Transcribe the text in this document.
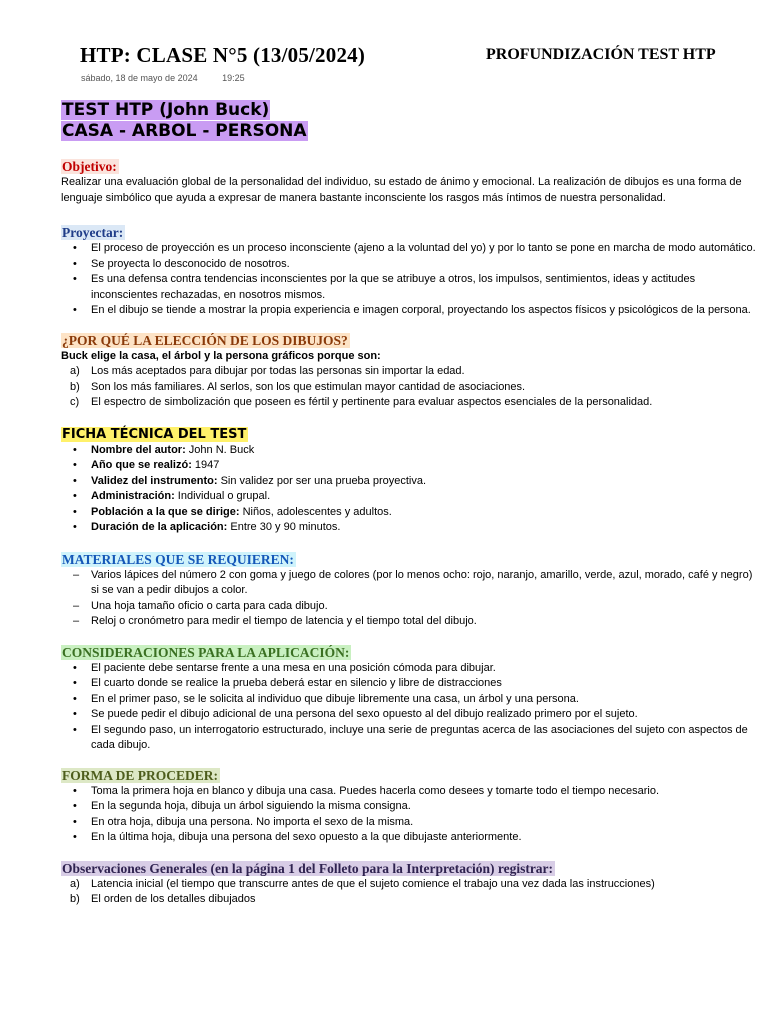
HTP: CLASE N°5 (13/05/2024)
sábado, 18 de mayo de 2024	19:25
PROFUNDIZACIÓN TEST HTP
TEST HTP (John Buck)
CASA - ARBOL - PERSONA
Objetivo:

Realizar una evaluación global de la personalidad del individuo, su estado de ánimo y emocional. La realización de dibujos es una forma de lenguaje simbólico que ayuda a expresar de manera bastante inconsciente los rasgos más íntimos de nuestra personalidad.

Proyectar:
• El proceso de proyección es un proceso inconsciente (ajeno a la voluntad del yo) y por lo tanto se pone en marcha de modo automático.
• Se proyecta lo desconocido de nosotros.
• Es una defensa contra tendencias inconscientes por la que se atribuye a otros, los impulsos, sentimientos, ideas y actitudes inconscientes rechazadas, en nosotros mismos.
• En el dibujo se tiende a mostrar la propia experiencia e imagen corporal, proyectando los aspectos físicos y psicológicos de la persona.
¿POR QUÉ LA ELECCIÓN DE LOS DIBUJOS?

Buck elige la casa, el árbol y la persona gráficos porque son:

a) Los más aceptados para dibujar por todas las personas sin importar la edad.
b) Son los más familiares. Al serlos, son los que estimulan mayor cantidad de asociaciones.
c) El espectro de simbolización que poseen es fértil y pertinente para evaluar aspectos esenciales de la personalidad.
FICHA TÉCNICA DEL TEST
• Nombre del autor: John N. Buck
• Año que se realizó: 1947
• Validez del instrumento: Sin validez por ser una prueba proyectiva.
• Administración: Individual o grupal.
• Población a la que se dirige: Niños, adolescentes y adultos.
• Duración de la aplicación: Entre 30 y 90 minutos.
MATERIALES QUE SE REQUIEREN:
– Varios lápices del número 2 con goma y juego de colores (por lo menos ocho: rojo, naranjo, amarillo, verde, azul, morado, café y negro) si se van a pedir dibujos a color.
– Una hoja tamaño oficio o carta para cada dibujo.
– Reloj o cronómetro para medir el tiempo de latencia y el tiempo total del dibujo.
CONSIDERACIONES PARA LA APLICACIÓN:
• El paciente debe sentarse frente a una mesa en una posición cómoda para dibujar.
• El cuarto donde se realice la prueba deberá estar en silencio y libre de distracciones
• En el primer paso, se le solicita al individuo que dibuje libremente una casa, un árbol y una persona.
• Se puede pedir el dibujo adicional de una persona del sexo opuesto al del dibujo realizado primero por el sujeto.
• El segundo paso, un interrogatorio estructurado, incluye una serie de preguntas acerca de las asociaciones del sujeto con aspectos de cada dibujo.
FORMA DE PROCEDER:
• Toma la primera hoja en blanco y dibuja una casa. Puedes hacerla como desees y tomarte todo el tiempo necesario.
• En la segunda hoja, dibuja un árbol siguiendo la misma consigna.
• En otra hoja, dibuja una persona. No importa el sexo de la misma.
• En la última hoja, dibuja una persona del sexo opuesto a la que dibujaste anteriormente.
Observaciones Generales (en la página 1 del Folleto para la Interpretación) registrar:
a) Latencia inicial (el tiempo que transcurre antes de que el sujeto comience el trabajo una vez dada las instrucciones)
b) El orden de los detalles dibujados
